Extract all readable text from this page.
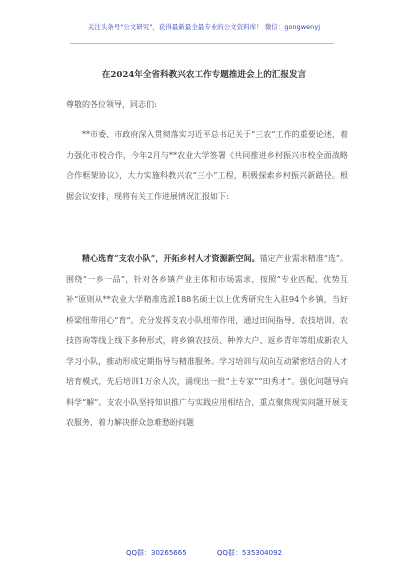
关注头条号"公文研究"，获得最新最全最专业的公文资料库！ 微信：gongwenyj
在2024年全省科教兴农工作专题推进会上的汇报发言
尊敬的各位领导，同志们:
**市委、市政府深入贯彻落实习近平总书记关于“三农”工作的重要论述，着力强化市校合作，今年2月与**农业大学签署《共同推进乡村振兴市校全面战略合作框架协议》，大力实施科教兴农“三小”工程，积极探索乡村振兴新路径。根据会议安排，现将有关工作进展情况汇报如下:
精心选育“支农小队”，开拓乡村人才资源新空间。锚定产业需求精准“选”。围绕“一乡一品”，针对各乡镇产业主体和市场需求，按照“专业匹配、优势互补”原则从**农业大学精准选派188名硕士以上优秀研究生入驻94个乡镇，当好桥梁纽带用心“育”。充分发挥支农小队纽带作用，通过田间指导、农技培训、农技咨询等线上线下多种形式，将乡镇农技员、种养大户、返乡青年等组成新农人学习小队，推动形成定期指导与精准服务。学习培训与双向互动紧密结合的人才培育模式，先后培训1万余人次，涌现出一批“土专家”“田秀才”。强化问题导向科学“解”。支农小队坚持知识推广与实践应用相结合，重点聚焦现实问题开展支农服务，着力解决群众急难愁盼问题
QQ群：30265665	QQ群：535304092
